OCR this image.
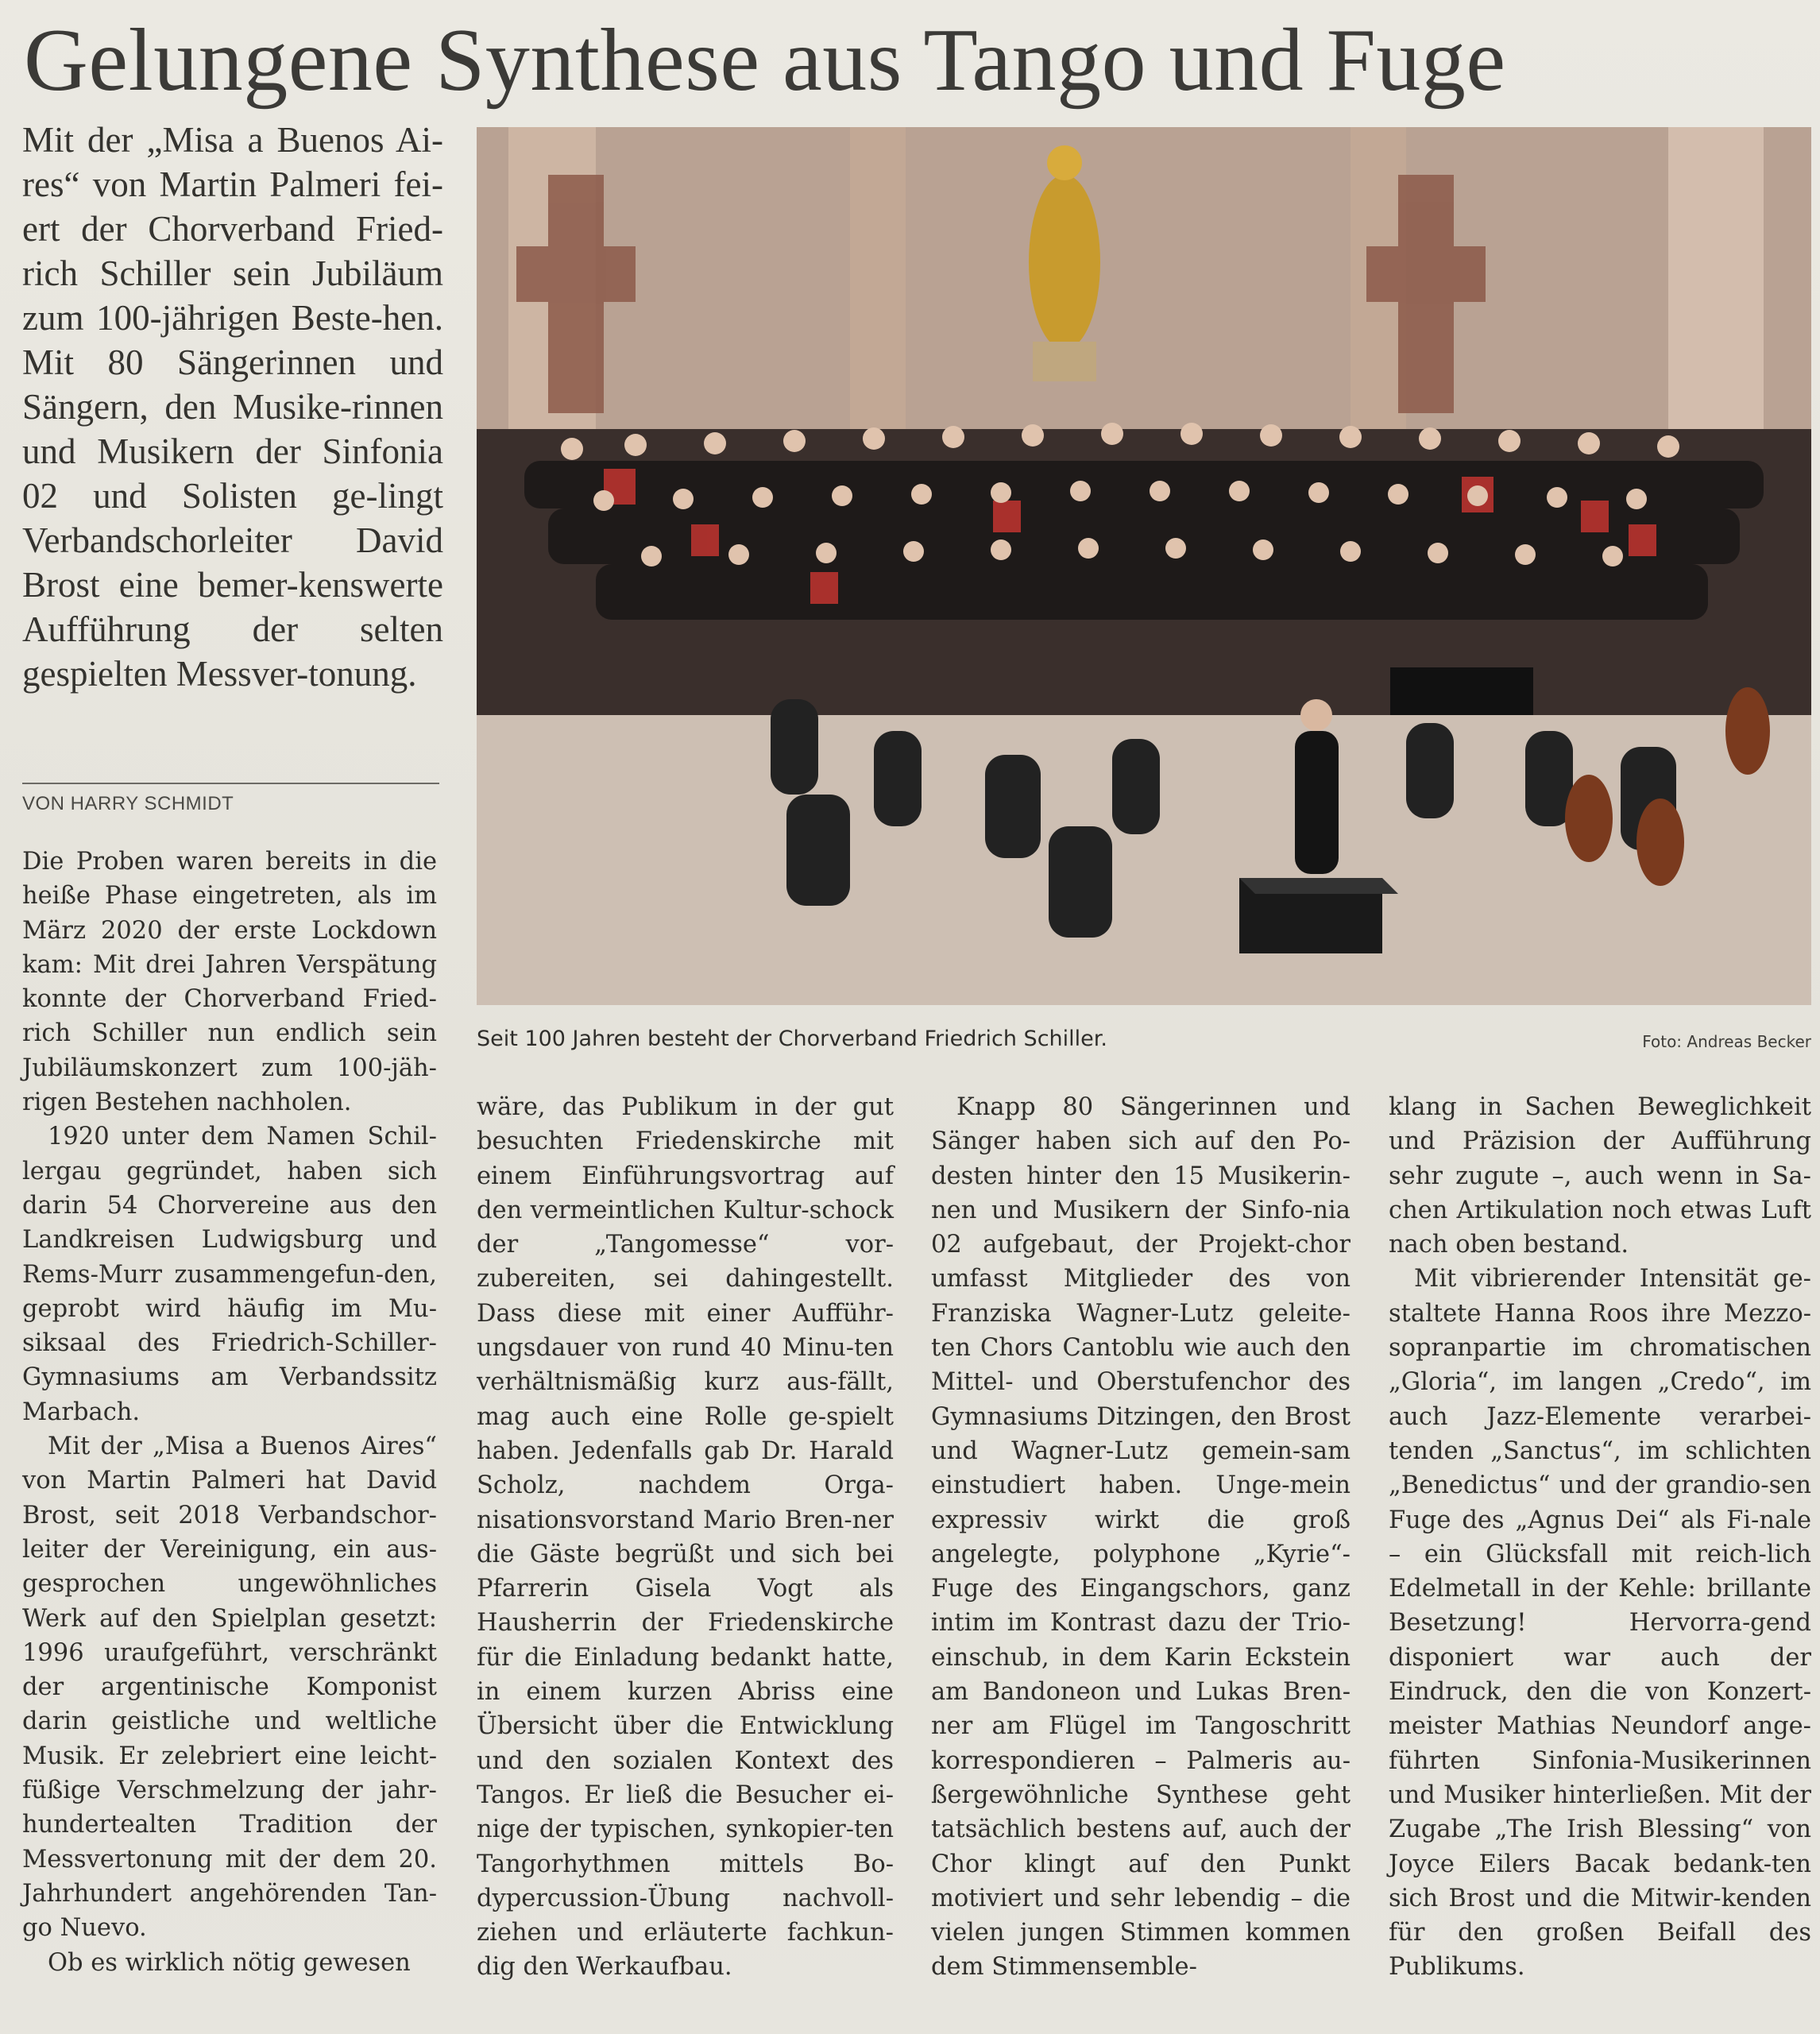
Gelungene Synthese aus Tango und Fuge
Mit der „Misa a Buenos Ai-res“ von Martin Palmeri fei-ert der Chorverband Fried-rich Schiller sein Jubiläum zum 100-jährigen Beste-hen. Mit 80 Sängerinnen und Sängern, den Musike-rinnen und Musikern der Sinfonia 02 und Solisten ge-lingt Verbandschorleiter David Brost eine bemer-kenswerte Aufführung der selten gespielten Messver-tonung.
VON HARRY SCHMIDT
Seit 100 Jahren besteht der Chorverband Friedrich Schiller.	Foto: Andreas Becker

Die Proben waren bereits in die heiße Phase eingetreten, als im März 2020 der erste Lockdown kam: Mit drei Jahren Verspätung konnte der Chorverband Fried-rich Schiller nun endlich sein Jubiläumskonzert zum 100-jäh-rigen Bestehen nachholen.

1920 unter dem Namen Schil-lergau gegründet, haben sich darin 54 Chorvereine aus den Landkreisen Ludwigsburg und Rems-Murr zusammengefun-den, geprobt wird häufig im Mu-siksaal des Friedrich-Schiller-Gymnasiums am Verbandssitz Marbach.

Mit der „Misa a Buenos Aires“ von Martin Palmeri hat David Brost, seit 2018 Verbandschor-leiter der Vereinigung, ein aus-gesprochen ungewöhnliches Werk auf den Spielplan gesetzt: 1996 uraufgeführt, verschränkt der argentinische Komponist darin geistliche und weltliche Musik. Er zelebriert eine leicht-füßige Verschmelzung der jahr-hundertealten Tradition der Messvertonung mit der dem 20. Jahrhundert angehörenden Tan-go Nuevo.

Ob es wirklich nötig gewesen

wäre, das Publikum in der gut besuchten Friedenskirche mit einem Einführungsvortrag auf den vermeintlichen Kultur-schock der „Tangomesse“ vor-zubereiten, sei dahingestellt. Dass diese mit einer Aufführ-ungsdauer von rund 40 Minu-ten verhältnismäßig kurz aus-fällt, mag auch eine Rolle ge-spielt haben. Jedenfalls gab Dr. Harald Scholz, nachdem Orga-nisationsvorstand Mario Bren-ner die Gäste begrüßt und sich bei Pfarrerin Gisela Vogt als Hausherrin der Friedenskirche für die Einladung bedankt hatte, in einem kurzen Abriss eine Übersicht über die Entwicklung und den sozialen Kontext des Tangos. Er ließ die Besucher ei-nige der typischen, synkopier-ten Tangorhythmen mittels Bo-dypercussion-Übung nachvoll-ziehen und erläuterte fachkun-dig den Werkaufbau.

Knapp 80 Sängerinnen und Sänger haben sich auf den Po-desten hinter den 15 Musikerin-nen und Musikern der Sinfo-nia 02 aufgebaut, der Projekt-chor umfasst Mitglieder des von Franziska Wagner-Lutz geleite-ten Chors Cantoblu wie auch den Mittel- und Oberstufenchor des Gymnasiums Ditzingen, den Brost und Wagner-Lutz gemein-sam einstudiert haben. Unge-mein expressiv wirkt die groß angelegte, polyphone „Kyrie“-Fuge des Eingangschors, ganz intim im Kontrast dazu der Trio-einschub, in dem Karin Eckstein am Bandoneon und Lukas Bren-ner am Flügel im Tangoschritt korrespondieren – Palmeris au-ßergewöhnliche Synthese geht tatsächlich bestens auf, auch der Chor klingt auf den Punkt motiviert und sehr lebendig – die vielen jungen Stimmen kommen dem Stimmensemble-

klang in Sachen Beweglichkeit und Präzision der Aufführung sehr zugute –, auch wenn in Sa-chen Artikulation noch etwas Luft nach oben bestand.

Mit vibrierender Intensität ge-staltete Hanna Roos ihre Mezzo-sopranpartie im chromatischen „Gloria“, im langen „Credo“, im auch Jazz-Elemente verarbei-tenden „Sanctus“, im schlichten „Benedictus“ und der grandio-sen Fuge des „Agnus Dei“ als Fi-nale – ein Glücksfall mit reich-lich Edelmetall in der Kehle: brillante Besetzung! Hervorra-gend disponiert war auch der Eindruck, den die von Konzert-meister Mathias Neundorf ange-führten Sinfonia-Musikerinnen und Musiker hinterließen. Mit der Zugabe „The Irish Blessing“ von Joyce Eilers Bacak bedank-ten sich Brost und die Mitwir-kenden für den großen Beifall des Publikums.
